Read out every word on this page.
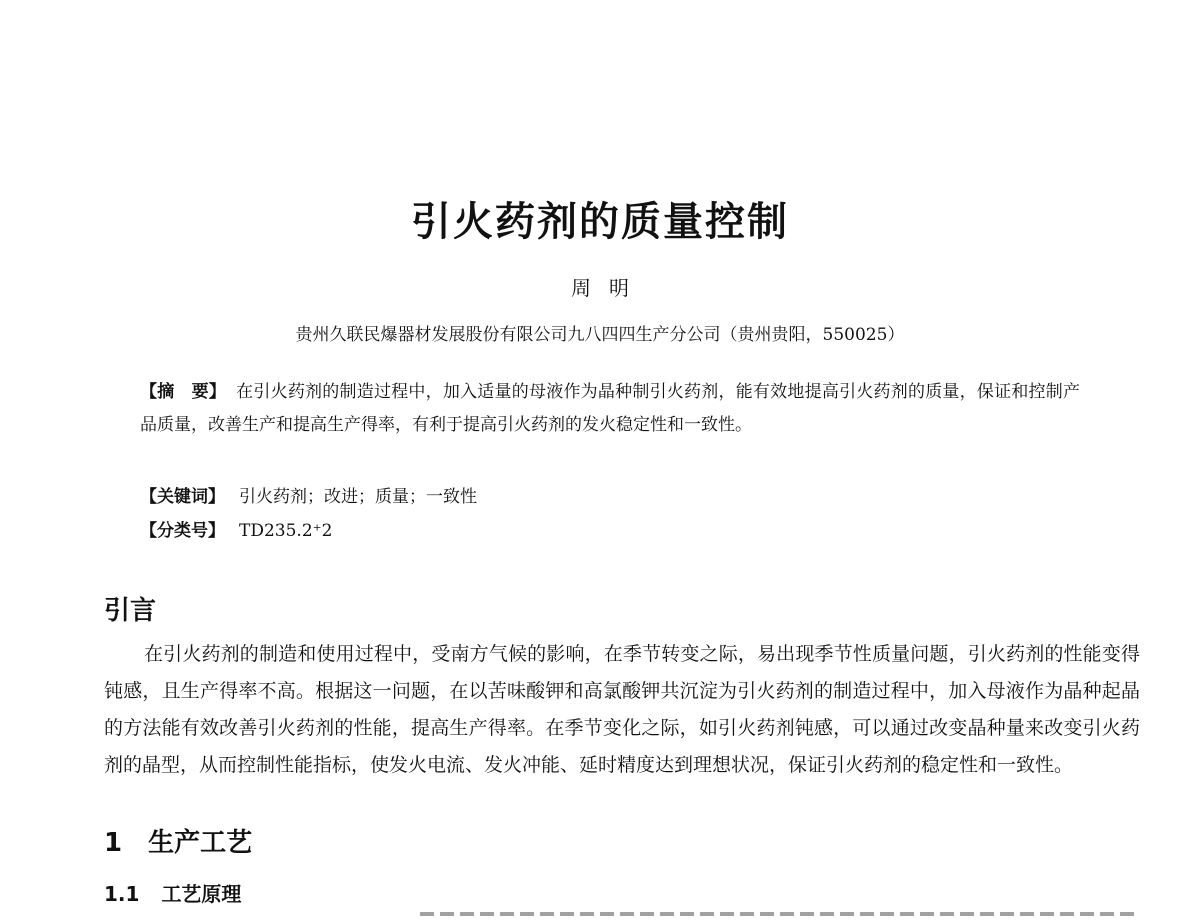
引火药剂的质量控制
周明
贵州久联民爆器材发展股份有限公司九八四四生产分公司（贵州贵阳，550025）
【摘　要】 在引火药剂的制造过程中，加入适量的母液作为晶种制引火药剂，能有效地提高引火药剂的质量，保证和控制产品质量，改善生产和提高生产得率，有利于提高引火药剂的发火稳定性和一致性。
【关键词】 引火药剂；改进；质量；一致性
【分类号】 TD235.2⁺2
引言
在引火药剂的制造和使用过程中，受南方气候的影响，在季节转变之际，易出现季节性质量问题，引火药剂的性能变得钝感，且生产得率不高。根据这一问题，在以苦味酸钾和高氯酸钾共沉淀为引火药剂的制造过程中，加入母液作为晶种起晶的方法能有效改善引火药剂的性能，提高生产得率。在季节变化之际，如引火药剂钝感，可以通过改变晶种量来改变引火药剂的晶型，从而控制性能指标，使发火电流、发火冲能、延时精度达到理想状况，保证引火药剂的稳定性和一致性。
1 生产工艺
1.1 工艺原理
